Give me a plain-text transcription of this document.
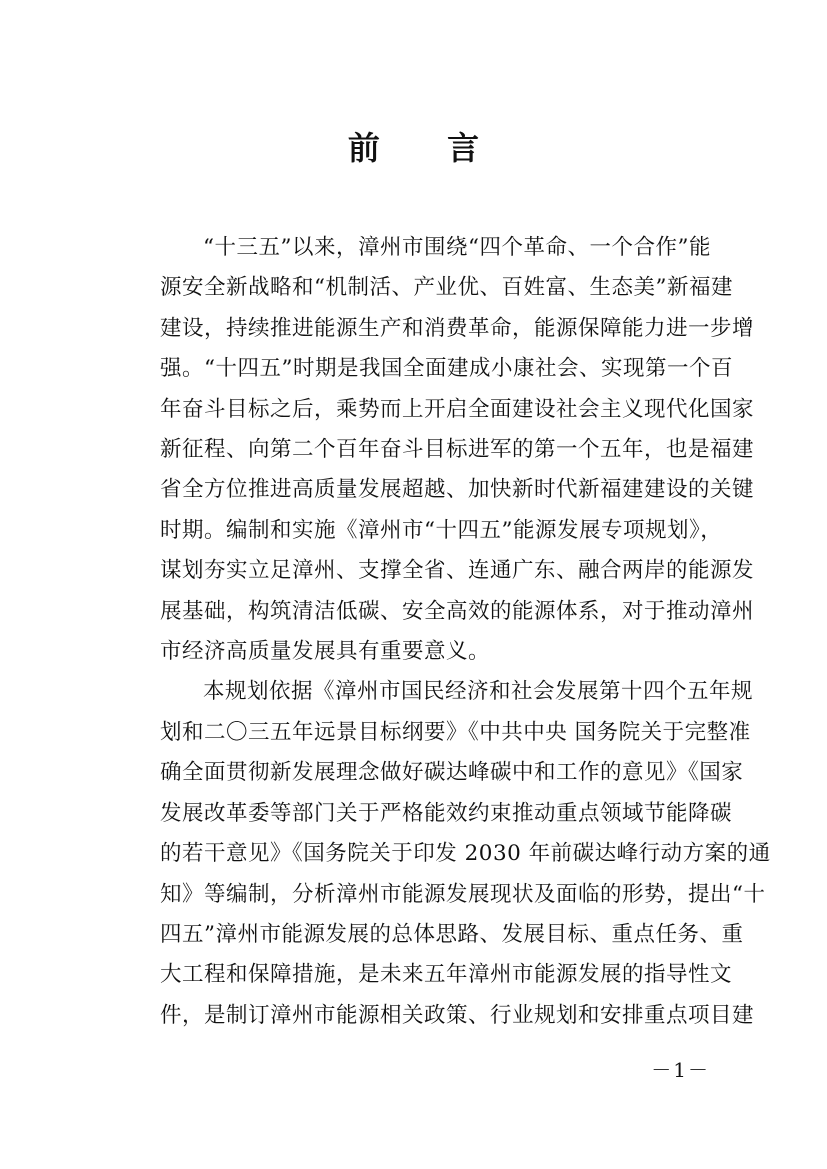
前 言
“十三五”以来，漳州市围绕“四个革命、一个合作”能
源安全新战略和“机制活、产业优、百姓富、生态美”新福建
建设，持续推进能源生产和消费革命，能源保障能力进一步增
强。“十四五”时期是我国全面建成小康社会、实现第一个百
年奋斗目标之后，乘势而上开启全面建设社会主义现代化国家
新征程、向第二个百年奋斗目标进军的第一个五年，也是福建
省全方位推进高质量发展超越、加快新时代新福建建设的关键
时期。编制和实施《漳州市“十四五”能源发展专项规划》，
谋划夯实立足漳州、支撑全省、连通广东、融合两岸的能源发
展基础，构筑清洁低碳、安全高效的能源体系，对于推动漳州
市经济高质量发展具有重要意义。
本规划依据《漳州市国民经济和社会发展第十四个五年规
划和二〇三五年远景目标纲要》《中共中央 国务院关于完整准
确全面贯彻新发展理念做好碳达峰碳中和工作的意见》《国家
发展改革委等部门关于严格能效约束推动重点领域节能降碳
的若干意见》《国务院关于印发 2030 年前碳达峰行动方案的通
知》等编制，分析漳州市能源发展现状及面临的形势，提出“十
四五”漳州市能源发展的总体思路、发展目标、重点任务、重
大工程和保障措施，是未来五年漳州市能源发展的指导性文
件，是制订漳州市能源相关政策、行业规划和安排重点项目建
－1－
